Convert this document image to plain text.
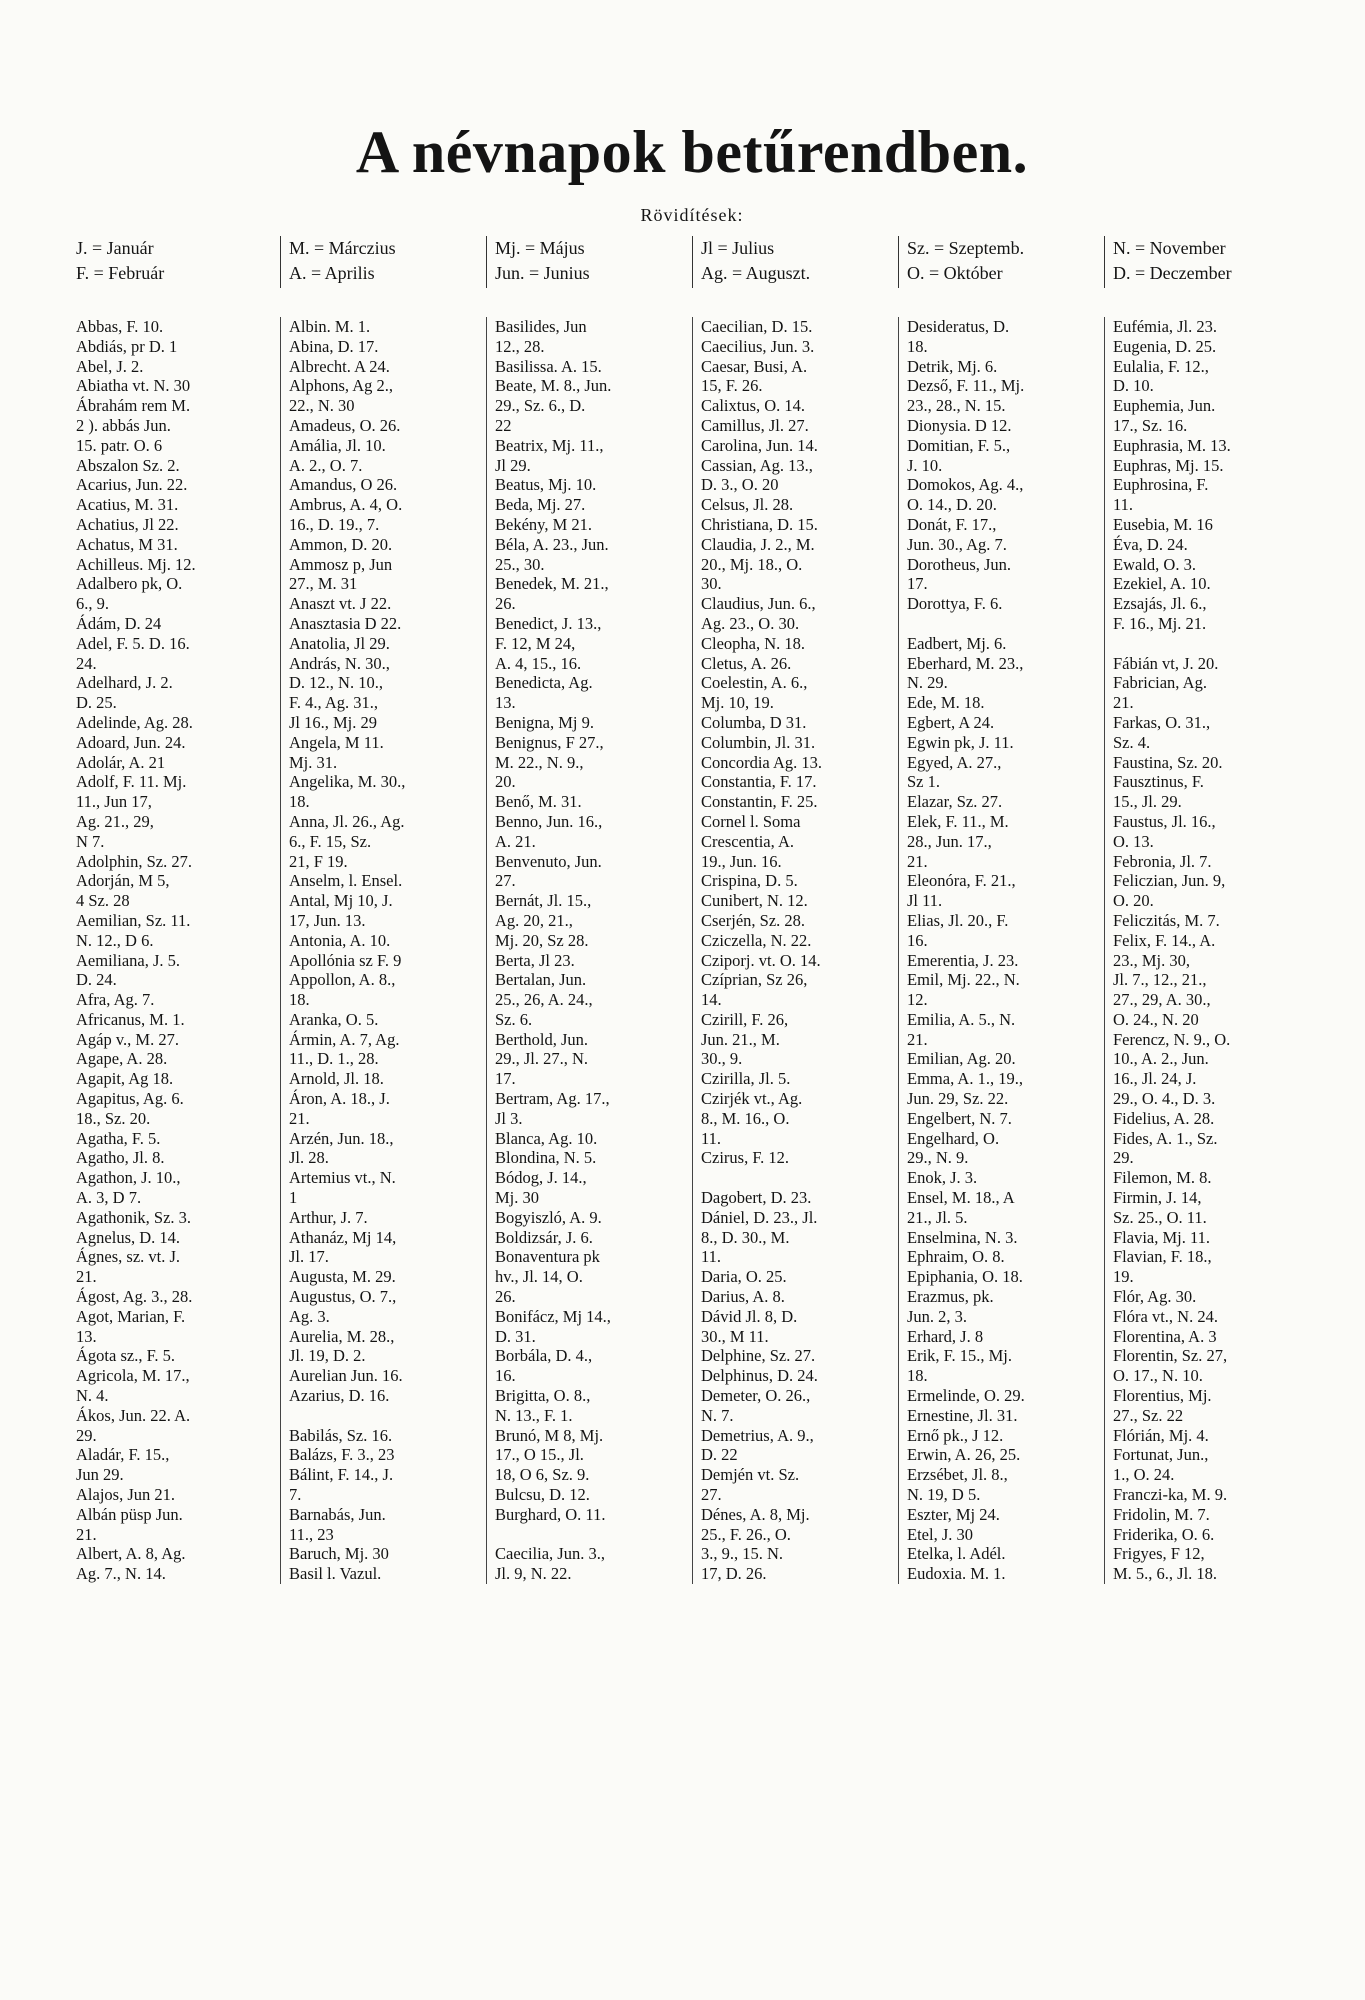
A névnapok betűrendben.
Rövidítések:
J. = Január
F. = Február
M. = Márczius
A. = Aprilis
Mj. = Május
Jun. = Junius
Jl = Julius
Ag. = Auguszt.
Sz. = Szeptemb.
O. = Október
N. = November
D. = Deczember
Abbas, F. 10.
Abdiás, pr D. 1
Abel, J. 2.
Abiatha vt. N. 30
Ábrahám rem M.
2 ). abbás Jun.
15. patr. O. 6
Abszalon Sz. 2.
Acarius, Jun. 22.
Acatius, M. 31.
Achatius, Jl 22.
Achatus, M 31.
Achilleus. Mj. 12.
Adalbero pk, O.
6., 9.
Ádám, D. 24
Adel, F. 5. D. 16.
24.
Adelhard, J. 2.
D. 25.
Adelinde, Ag. 28.
Adoard, Jun. 24.
Adolár, A. 21
Adolf, F. 11. Mj.
11., Jun 17,
Ag. 21., 29,
N 7.
Adolphin, Sz. 27.
Adorján, M 5,
4 Sz. 28
Aemilian, Sz. 11.
N. 12., D 6.
Aemiliana, J. 5.
D. 24.
Afra, Ag. 7.
Africanus, M. 1.
Agáp v., M. 27.
Agape, A. 28.
Agapit, Ag 18.
Agapitus, Ag. 6.
18., Sz. 20.
Agatha, F. 5.
Agatho, Jl. 8.
Agathon, J. 10.,
A. 3, D 7.
Agathonik, Sz. 3.
Agnelus, D. 14.
Ágnes, sz. vt. J.
21.
Ágost, Ag. 3., 28.
Agot, Marian, F.
13.
Ágota sz., F. 5.
Agricola, M. 17.,
N. 4.
Ákos, Jun. 22. A.
29.
Aladár, F. 15.,
Jun 29.
Alajos, Jun 21.
Albán püsp Jun.
21.
Albert, A. 8, Ag.
Ag. 7., N. 14.
Albin. M. 1.
Abina, D. 17.
Albrecht. A 24.
Alphons, Ag 2.,
22., N. 30
Amadeus, O. 26.
Amália, Jl. 10.
A. 2., O. 7.
Amandus, O 26.
Ambrus, A. 4, O.
16., D. 19., 7.
Ammon, D. 20.
Ammosz p, Jun
27., M. 31
Anaszt vt. J 22.
Anasztasia D 22.
Anatolia, Jl 29.
András, N. 30.,
D. 12., N. 10.,
F. 4., Ag. 31.,
Jl 16., Mj. 29
Angela, M 11.
Mj. 31.
Angelika, M. 30.,
18.
Anna, Jl. 26., Ag.
6., F. 15, Sz.
21, F 19.
Anselm, l. Ensel.
Antal, Mj 10, J.
17, Jun. 13.
Antonia, A. 10.
Apollónia sz F. 9
Appollon, A. 8.,
18.
Aranka, O. 5.
Ármin, A. 7, Ag.
11., D. 1., 28.
Arnold, Jl. 18.
Áron, A. 18., J.
21.
Arzén, Jun. 18.,
Jl. 28.
Artemius vt., N.
1
Arthur, J. 7.
Athanáz, Mj 14,
Jl. 17.
Augusta, M. 29.
Augustus, O. 7.,
Ag. 3.
Aurelia, M. 28.,
Jl. 19, D. 2.
Aurelian Jun. 16.
Azarius, D. 16.
Babilás, Sz. 16.
Balázs, F. 3., 23
Bálint, F. 14., J.
7.
Barnabás, Jun.
11., 23
Baruch, Mj. 30
Basil l. Vazul.
Basilides, Jun
12., 28.
Basilissa. A. 15.
Beate, M. 8., Jun.
29., Sz. 6., D.
22
Beatrix, Mj. 11.,
Jl 29.
Beatus, Mj. 10.
Beda, Mj. 27.
Bekény, M 21.
Béla, A. 23., Jun.
25., 30.
Benedek, M. 21.,
26.
Benedict, J. 13.,
F. 12, M 24,
A. 4, 15., 16.
Benedicta, Ag.
13.
Benigna, Mj 9.
Benignus, F 27.,
M. 22., N. 9.,
20.
Benő, M. 31.
Benno, Jun. 16.,
A. 21.
Benvenuto, Jun.
27.
Bernát, Jl. 15.,
Ag. 20, 21.,
Mj. 20, Sz 28.
Berta, Jl 23.
Bertalan, Jun.
25., 26, A. 24.,
Sz. 6.
Berthold, Jun.
29., Jl. 27., N.
17.
Bertram, Ag. 17.,
Jl 3.
Blanca, Ag. 10.
Blondina, N. 5.
Bódog, J. 14.,
Mj. 30
Bogyiszló, A. 9.
Boldizsár, J. 6.
Bonaventura pk
hv., Jl. 14, O.
26.
Bonifácz, Mj 14.,
D. 31.
Borbála, D. 4.,
16.
Brigitta, O. 8.,
N. 13., F. 1.
Brunó, M 8, Mj.
17., O 15., Jl.
18, O 6, Sz. 9.
Bulcsu, D. 12.
Burghard, O. 11.
Caecilia, Jun. 3.,
Jl. 9, N. 22.
Caecilian, D. 15.
Caecilius, Jun. 3.
Caesar, Busi, A.
15, F. 26.
Calixtus, O. 14.
Camillus, Jl. 27.
Carolina, Jun. 14.
Cassian, Ag. 13.,
D. 3., O. 20
Celsus, Jl. 28.
Christiana, D. 15.
Claudia, J. 2., M.
20., Mj. 18., O.
30.
Claudius, Jun. 6.,
Ag. 23., O. 30.
Cleopha, N. 18.
Cletus, A. 26.
Coelestin, A. 6.,
Mj. 10, 19.
Columba, D 31.
Columbin, Jl. 31.
Concordia Ag. 13.
Constantia, F. 17.
Constantin, F. 25.
Cornel l. Soma
Crescentia, A.
19., Jun. 16.
Crispina, D. 5.
Cunibert, N. 12.
Cserjén, Sz. 28.
Cziczella, N. 22.
Cziporj. vt. O. 14.
Czíprian, Sz 26,
14.
Czirill, F. 26,
Jun. 21., M.
30., 9.
Czirilla, Jl. 5.
Czirjék vt., Ag.
8., M. 16., O.
11.
Czirus, F. 12.
Dagobert, D. 23.
Dániel, D. 23., Jl.
8., D. 30., M.
11.
Daria, O. 25.
Darius, A. 8.
Dávid Jl. 8, D.
30., M 11.
Delphine, Sz. 27.
Delphinus, D. 24.
Demeter, O. 26.,
N. 7.
Demetrius, A. 9.,
D. 22
Demjén vt. Sz.
27.
Dénes, A. 8, Mj.
25., F. 26., O.
3., 9., 15. N.
17, D. 26.
Desideratus, D.
18.
Detrik, Mj. 6.
Dezső, F. 11., Mj.
23., 28., N. 15.
Dionysia. D 12.
Domitian, F. 5.,
J. 10.
Domokos, Ag. 4.,
O. 14., D. 20.
Donát, F. 17.,
Jun. 30., Ag. 7.
Dorotheus, Jun.
17.
Dorottya, F. 6.
Eadbert, Mj. 6.
Eberhard, M. 23.,
N. 29.
Ede, M. 18.
Egbert, A 24.
Egwin pk, J. 11.
Egyed, A. 27.,
Sz 1.
Elazar, Sz. 27.
Elek, F. 11., M.
28., Jun. 17.,
21.
Eleonóra, F. 21.,
Jl 11.
Elias, Jl. 20., F.
16.
Emerentia, J. 23.
Emil, Mj. 22., N.
12.
Emilia, A. 5., N.
21.
Emilian, Ag. 20.
Emma, A. 1., 19.,
Jun. 29, Sz. 22.
Engelbert, N. 7.
Engelhard, O.
29., N. 9.
Enok, J. 3.
Ensel, M. 18., A
21., Jl. 5.
Enselmina, N. 3.
Ephraim, O. 8.
Epiphania, O. 18.
Erazmus, pk.
Jun. 2, 3.
Erhard, J. 8
Erik, F. 15., Mj.
18.
Ermelinde, O. 29.
Ernestine, Jl. 31.
Ernő pk., J 12.
Erwin, A. 26, 25.
Erzsébet, Jl. 8.,
N. 19, D 5.
Eszter, Mj 24.
Etel, J. 30
Etelka, l. Adél.
Eudoxia. M. 1.
Eufémia, Jl. 23.
Eugenia, D. 25.
Eulalia, F. 12.,
D. 10.
Euphemia, Jun.
17., Sz. 16.
Euphrasia, M. 13.
Euphras, Mj. 15.
Euphrosina, F.
11.
Eusebia, M. 16
Éva, D. 24.
Ewald, O. 3.
Ezekiel, A. 10.
Ezsajás, Jl. 6.,
F. 16., Mj. 21.
Fábián vt, J. 20.
Fabrician, Ag.
21.
Farkas, O. 31.,
Sz. 4.
Faustina, Sz. 20.
Fausztinus, F.
15., Jl. 29.
Faustus, Jl. 16.,
O. 13.
Febronia, Jl. 7.
Feliczian, Jun. 9,
O. 20.
Feliczitás, M. 7.
Felix, F. 14., A.
23., Mj. 30,
Jl. 7., 12., 21.,
27., 29, A. 30.,
O. 24., N. 20
Ferencz, N. 9., O.
10., A. 2., Jun.
16., Jl. 24, J.
29., O. 4., D. 3.
Fidelius, A. 28.
Fides, A. 1., Sz.
29.
Filemon, M. 8.
Firmin, J. 14,
Sz. 25., O. 11.
Flavia, Mj. 11.
Flavian, F. 18.,
19.
Flór, Ag. 30.
Flóra vt., N. 24.
Florentina, A. 3
Florentin, Sz. 27,
O. 17., N. 10.
Florentius, Mj.
27., Sz. 22
Flórián, Mj. 4.
Fortunat, Jun.,
1., O. 24.
Franczi-ka, M. 9.
Fridolin, M. 7.
Friderika, O. 6.
Frigyes, F 12,
M. 5., 6., Jl. 18.
